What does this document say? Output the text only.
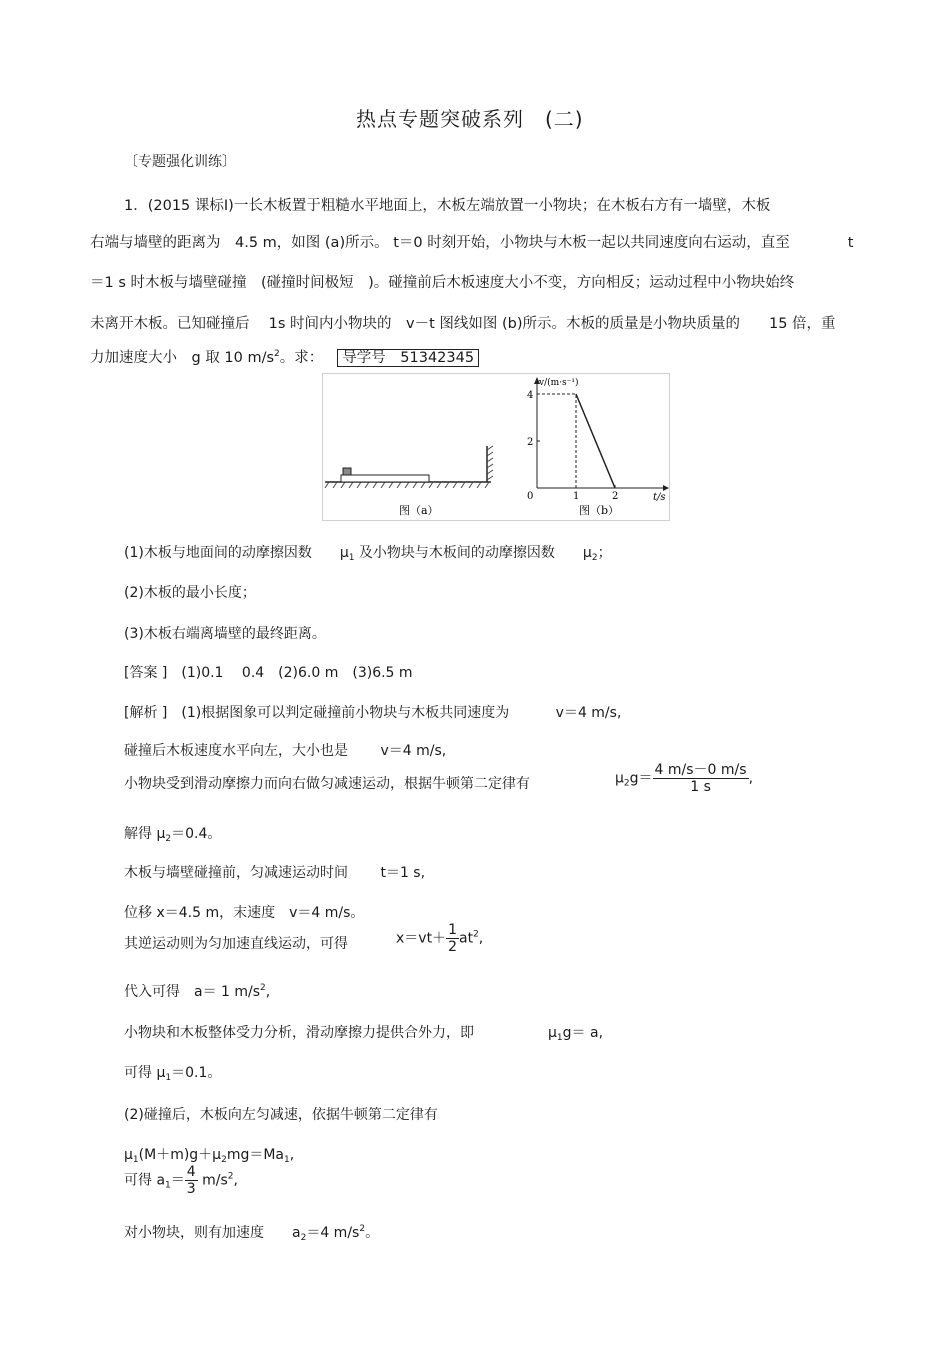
热点专题突破系列　(二)
〔专题强化训练〕
1．(2015 课标Ⅰ)一长木板置于粗糙水平地面上，木板左端放置一小物块；在木板右方有一墙壁，木板
右端与墙壁的距离为　4.5 m，如图 (a)所示。 t＝0 时刻开始，小物块与木板一起以共同速度向右运动，直至　　　　t
＝1 s 时木板与墙壁碰撞　(碰撞时间极短　)。碰撞前后木板速度大小不变，方向相反；运动过程中小物块始终
未离开木板。已知碰撞后　 1s 时间内小物块的　v－t 图线如图 (b)所示。木板的质量是小物块质量的　　15 倍，重
力加速度大小　g 取 10 $m/s^2$。求： 导学号　51342345
图（a）
v/(m·s⁻¹)
t/s
0	1	2
2
4
图（b）
(1)木板与地面间的动摩擦因数　　$\mu_1$ 及小物块与木板间的动摩擦因数　　$\mu_2$；
(2)木板的最小长度；
(3)木板右端离墙壁的最终距离。
[答案 ]　(1)0.1　 0.4　(2)6.0 m　(3)6.5 m
[解析 ]　(1)根据图象可以判定碰撞前小物块与木板共同速度为　　　 v＝4 m/s,
碰撞后木板速度水平向左，大小也是　　 v＝4 m/s,
小物块受到滑动摩擦力而向右做匀减速运动，根据牛顿第二定律有	$\mu_2g= \frac{4 m/s-0 m/s}{1 s}$ ,
解得 $\mu_2=0.4$。
木板与墙壁碰撞前，匀减速运动时间　　 t＝1 s,
位移 x＝4.5 m，末速度　v＝4 m/s。
其逆运动则为匀加速直线运动，可得	$x=vt+ \frac{1}{2} at^2$,
代入可得　a＝ 1 $m/s^2$,
小物块和木板整体受力分析，滑动摩擦力提供合外力，即	$\mu_1g= a$,
可得 $\mu_1=0.1$。
(2)碰撞后，木板向左匀减速，依据牛顿第二定律有
$\mu_1(M+m)g+\mu_2mg=Ma_1$,
可得 $a_1= \frac{4}{3} m/s^2$,
对小物块，则有加速度　　$a_2=4$ $m/s^2$。
